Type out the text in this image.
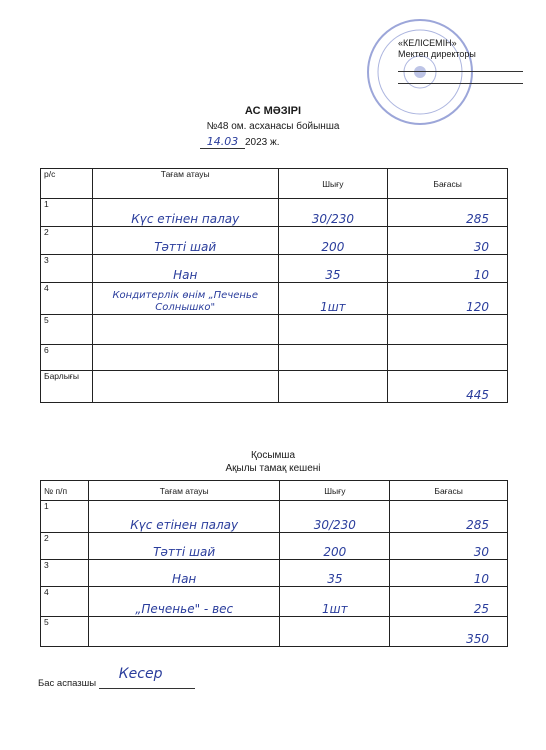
«КЕЛІСЕМІН»
Мектеп директоры
АС МӘЗІРІ
№48 ом. асханасы бойынша
14.03 2023 ж.
р/с	Тағам атауы	Шығу	Бағасы
1	Күс етінен палау	30/230	285
2	Тәтті шай	200	30
3	Нан	35	10
4	Кондитерлік өнім „Печенье Солнышко"	1шт	120
5			
6			
Барлығы			445
Қосымша
Ақылы тамақ кешені
№ п/п	Тағам атауы	Шығу	Бағасы
1	Күс етінен палау	30/230	285
2	Тәтті шай	200	30
3	Нан	35	10
4	„Печенье" - вес	1шт	25
5			350
Бас аспазшы
Кесер
